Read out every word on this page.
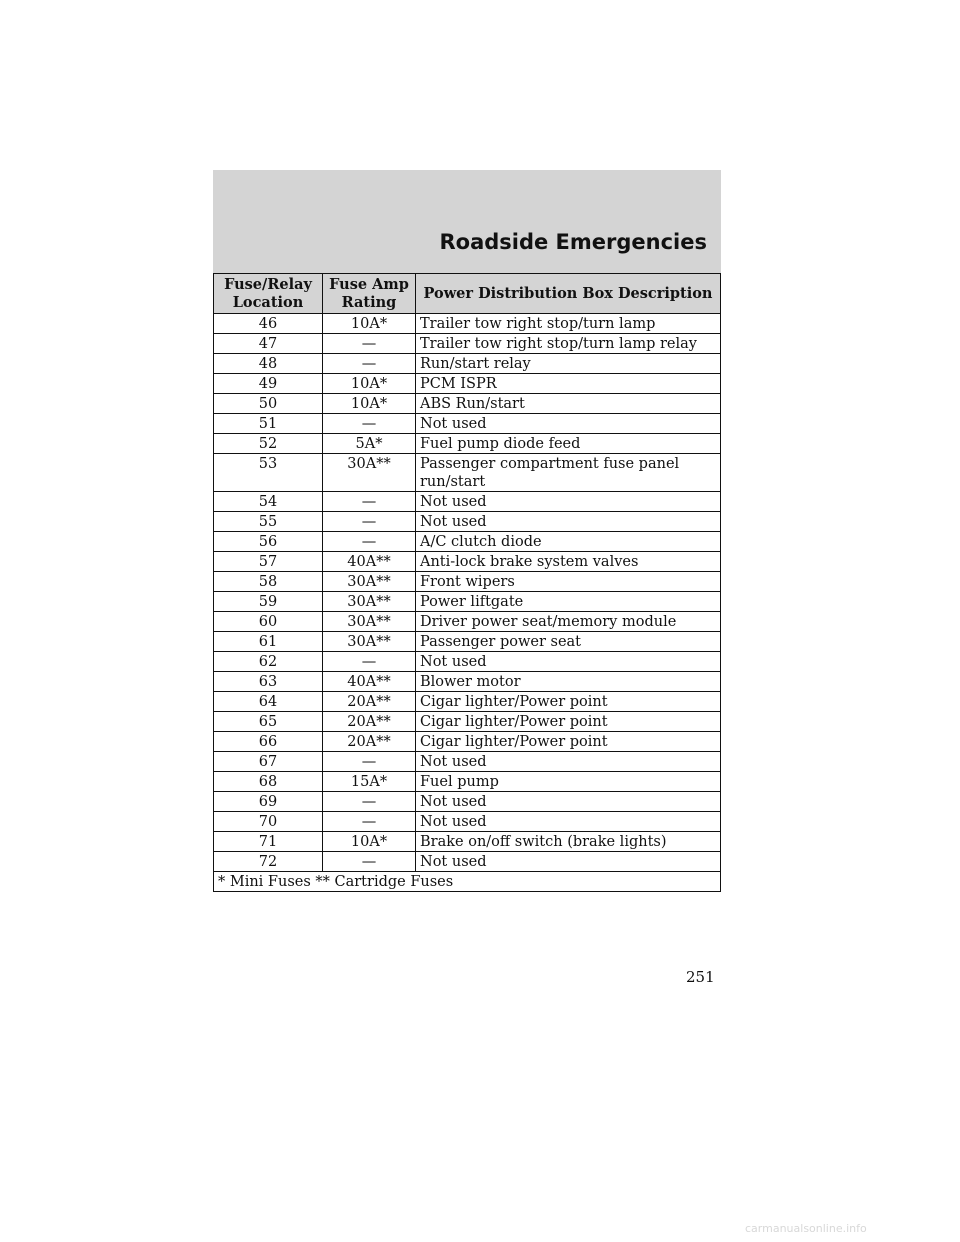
Roadside Emergencies
Fuse/Relay Location	Fuse Amp Rating	Power Distribution Box Description
46	10A*	Trailer tow right stop/turn lamp
47	—	Trailer tow right stop/turn lamp relay
48	—	Run/start relay
49	10A*	PCM ISPR
50	10A*	ABS Run/start
51	—	Not used
52	5A*	Fuel pump diode feed
53	30A**	Passenger compartment fuse panel run/start
54	—	Not used
55	—	Not used
56	—	A/C clutch diode
57	40A**	Anti-lock brake system valves
58	30A**	Front wipers
59	30A**	Power liftgate
60	30A**	Driver power seat/memory module
61	30A**	Passenger power seat
62	—	Not used
63	40A**	Blower motor
64	20A**	Cigar lighter/Power point
65	20A**	Cigar lighter/Power point
66	20A**	Cigar lighter/Power point
67	—	Not used
68	15A*	Fuel pump
69	—	Not used
70	—	Not used
71	10A*	Brake on/off switch (brake lights)
72	—	Not used
* Mini Fuses ** Cartridge Fuses		
251
carmanualsonline.info
